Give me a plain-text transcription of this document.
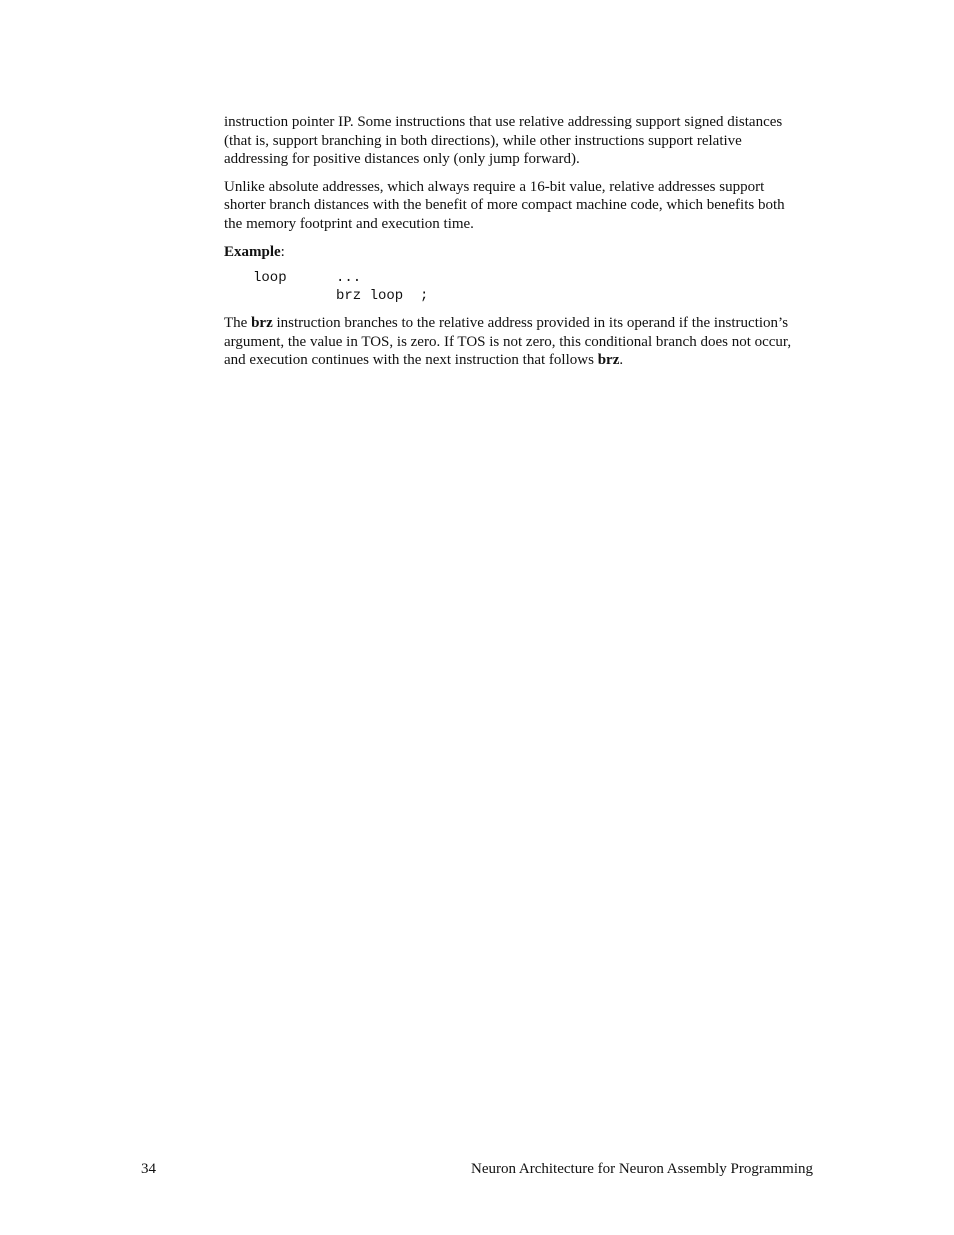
instruction pointer IP. Some instructions that use relative addressing support signed distances (that is, support branching in both directions), while other instructions support relative addressing for positive distances only (only jump forward).

Unlike absolute addresses, which always require a 16-bit value, relative addresses support shorter branch distances with the benefit of more compact machine code, which benefits both the memory footprint and execution time.

Example:

loop

	...

brz loop  ;

The brz instruction branches to the relative address provided in its operand if the instruction’s argument, the value in TOS, is zero. If TOS is not zero, this conditional branch does not occur, and execution continues with the next instruction that follows brz.

34	Neuron Architecture for Neuron Assembly Programming
